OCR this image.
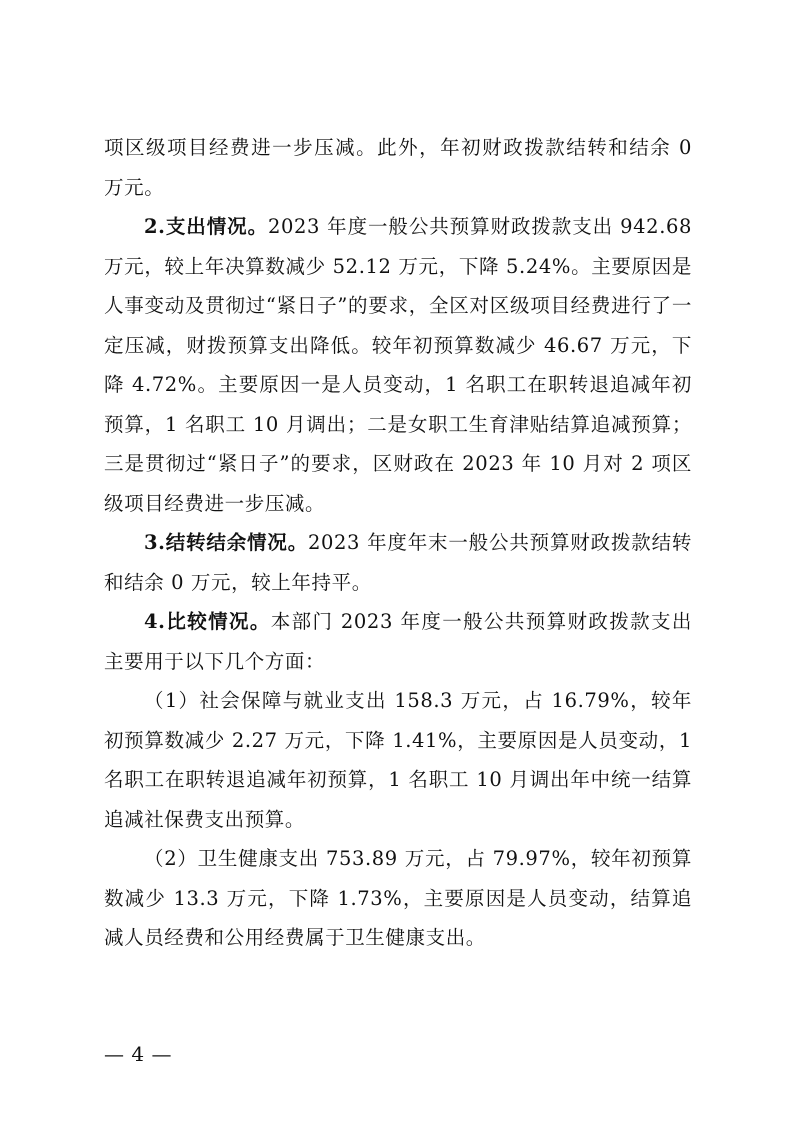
项区级项目经费进一步压减。此外，年初财政拨款结转和结余 0 万元。

2.支出情况。2023 年度一般公共预算财政拨款支出 942.68 万元，较上年决算数减少 52.12 万元，下降 5.24%。主要原因是人事变动及贯彻过“紧日子”的要求，全区对区级项目经费进行了一定压减，财拨预算支出降低。较年初预算数减少 46.67 万元，下降 4.72%。主要原因一是人员变动，1 名职工在职转退追减年初预算，1 名职工 10 月调出；二是女职工生育津贴结算追减预算；三是贯彻过“紧日子”的要求，区财政在 2023 年 10 月对 2 项区级项目经费进一步压减。

3.结转结余情况。2023 年度年末一般公共预算财政拨款结转和结余 0 万元，较上年持平。

4.比较情况。本部门 2023 年度一般公共预算财政拨款支出主要用于以下几个方面：

（1）社会保障与就业支出 158.3 万元，占 16.79%，较年初预算数减少 2.27 万元，下降 1.41%，主要原因是人员变动，1 名职工在职转退追减年初预算，1 名职工 10 月调出年中统一结算追减社保费支出预算。

（2）卫生健康支出 753.89 万元，占 79.97%，较年初预算数减少 13.3 万元，下降 1.73%，主要原因是人员变动，结算追减人员经费和公用经费属于卫生健康支出。

— 4 —
